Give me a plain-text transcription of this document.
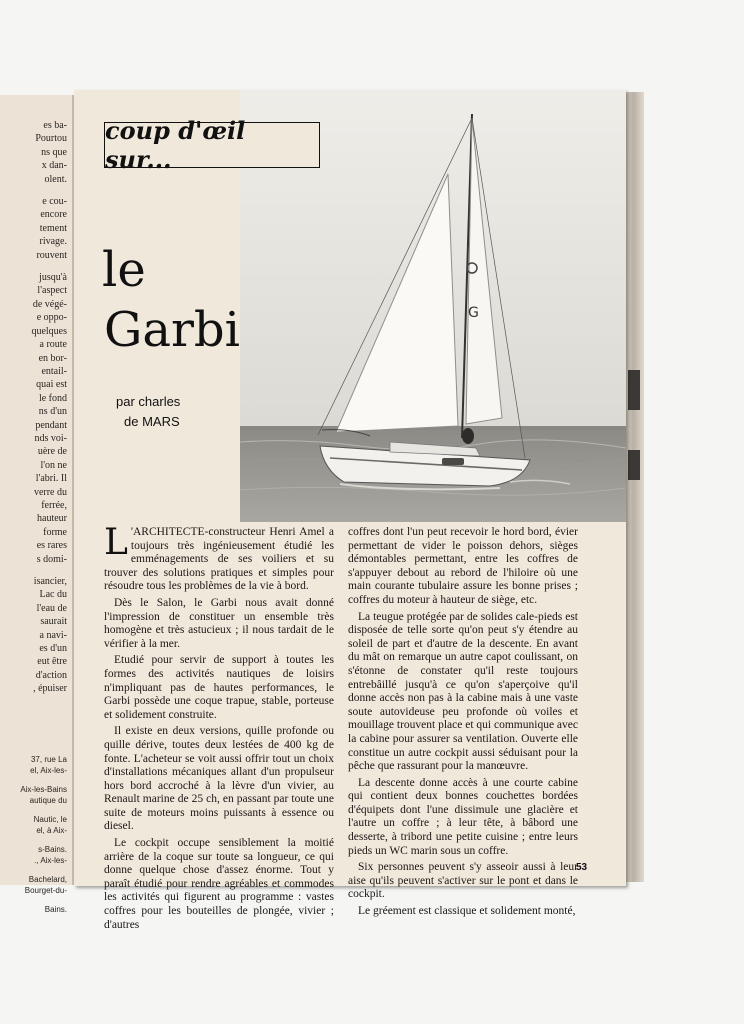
es ba-
Pourtou
ns que
x dan-
olent.
e cou-
encore
tement
rivage.
rouvent
jusqu'à
l'aspect
de végé-
e oppo-
quelques
a route
en bor-
entail-
quai est
le fond
ns d'un
pendant
nds voi-
uère de
l'on ne
l'abri. Il
verre du
ferrée,
hauteur
forme
es rares
s domi-
isancier,
Lac du
l'eau de
saurait
a navi-
es d'un
eut être
d'action
, épuiser
37, rue La
el, Aix-les-
Aix-les-Bains
autique du
Nautic, le
el, à Aix-
s-Bains.
., Aix-les-
Bachelard,
Bourget-du-
Bains.
G
coup d'œil sur...
le
Garbi
par charles
de MARS
L 'ARCHITECTE-constructeur Henri Amel a toujours très ingénieusement étudié les emménagements de ses voiliers et su trouver des solutions pratiques et simples pour résoudre tous les problèmes de la vie à bord.

Dès le Salon, le Garbi nous avait donné l'impression de constituer un ensemble très homogène et très astucieux ; il nous tardait de le vérifier à la mer.

Etudié pour servir de support à toutes les formes des activités nautiques de loisirs n'impliquant pas de hautes performances, le Garbi possède une coque trapue, stable, porteuse et solidement construite.

Il existe en deux versions, quille profonde ou quille dérive, toutes deux lestées de 400 kg de fonte. L'acheteur se voit aussi offrir tout un choix d'installations mécaniques allant d'un propulseur hors bord accroché à la lèvre d'un vivier, au Renault marine de 25 ch, en passant par toute une suite de moteurs moins puissants à essence ou diesel.

Le cockpit occupe sensiblement la moitié arrière de la coque sur toute sa longueur, ce qui donne quelque chose d'assez énorme. Tout y paraît étudié pour rendre agréables et commodes les activités qui figurent au programme : vastes coffres pour les bouteilles de plongée, vivier ; d'autres

coffres dont l'un peut recevoir le hord bord, évier permettant de vider le poisson dehors, sièges démontables permettant, entre les coffres de s'appuyer debout au rebord de l'hiloire où une main courante tubulaire assure les bonne prises ; coffres du moteur à hauteur de siège, etc.

La teugue protégée par de solides cale-pieds est disposée de telle sorte qu'on peut s'y étendre au soleil de part et d'autre de la descente. En avant du mât on remarque un autre capot coulissant, on s'étonne de constater qu'il reste toujours entrebâillé jusqu'à ce qu'on s'aperçoive qu'il donne accès non pas à la cabine mais à une vaste soute autovideuse peu profonde où voiles et mouillage trouvent place et qui communique avec la cabine pour assurer sa ventilation. Ouverte elle constitue un autre cockpit aussi séduisant pour la pêche que rassurant pour la manœuvre.

La descente donne accès à une courte cabine qui contient deux bonnes couchettes bordées d'équipets dont l'une dissimule une glacière et l'autre un coffre ; à leur tête, à bâbord une desserte, à tribord une petite cuisine ; entre leurs pieds un WC marin sous un coffre.

Six personnes peuvent s'y asseoir aussi à leur aise qu'ils peuvent s'activer sur le pont et dans le cockpit.

Le gréement est classique et solidement monté,

53
